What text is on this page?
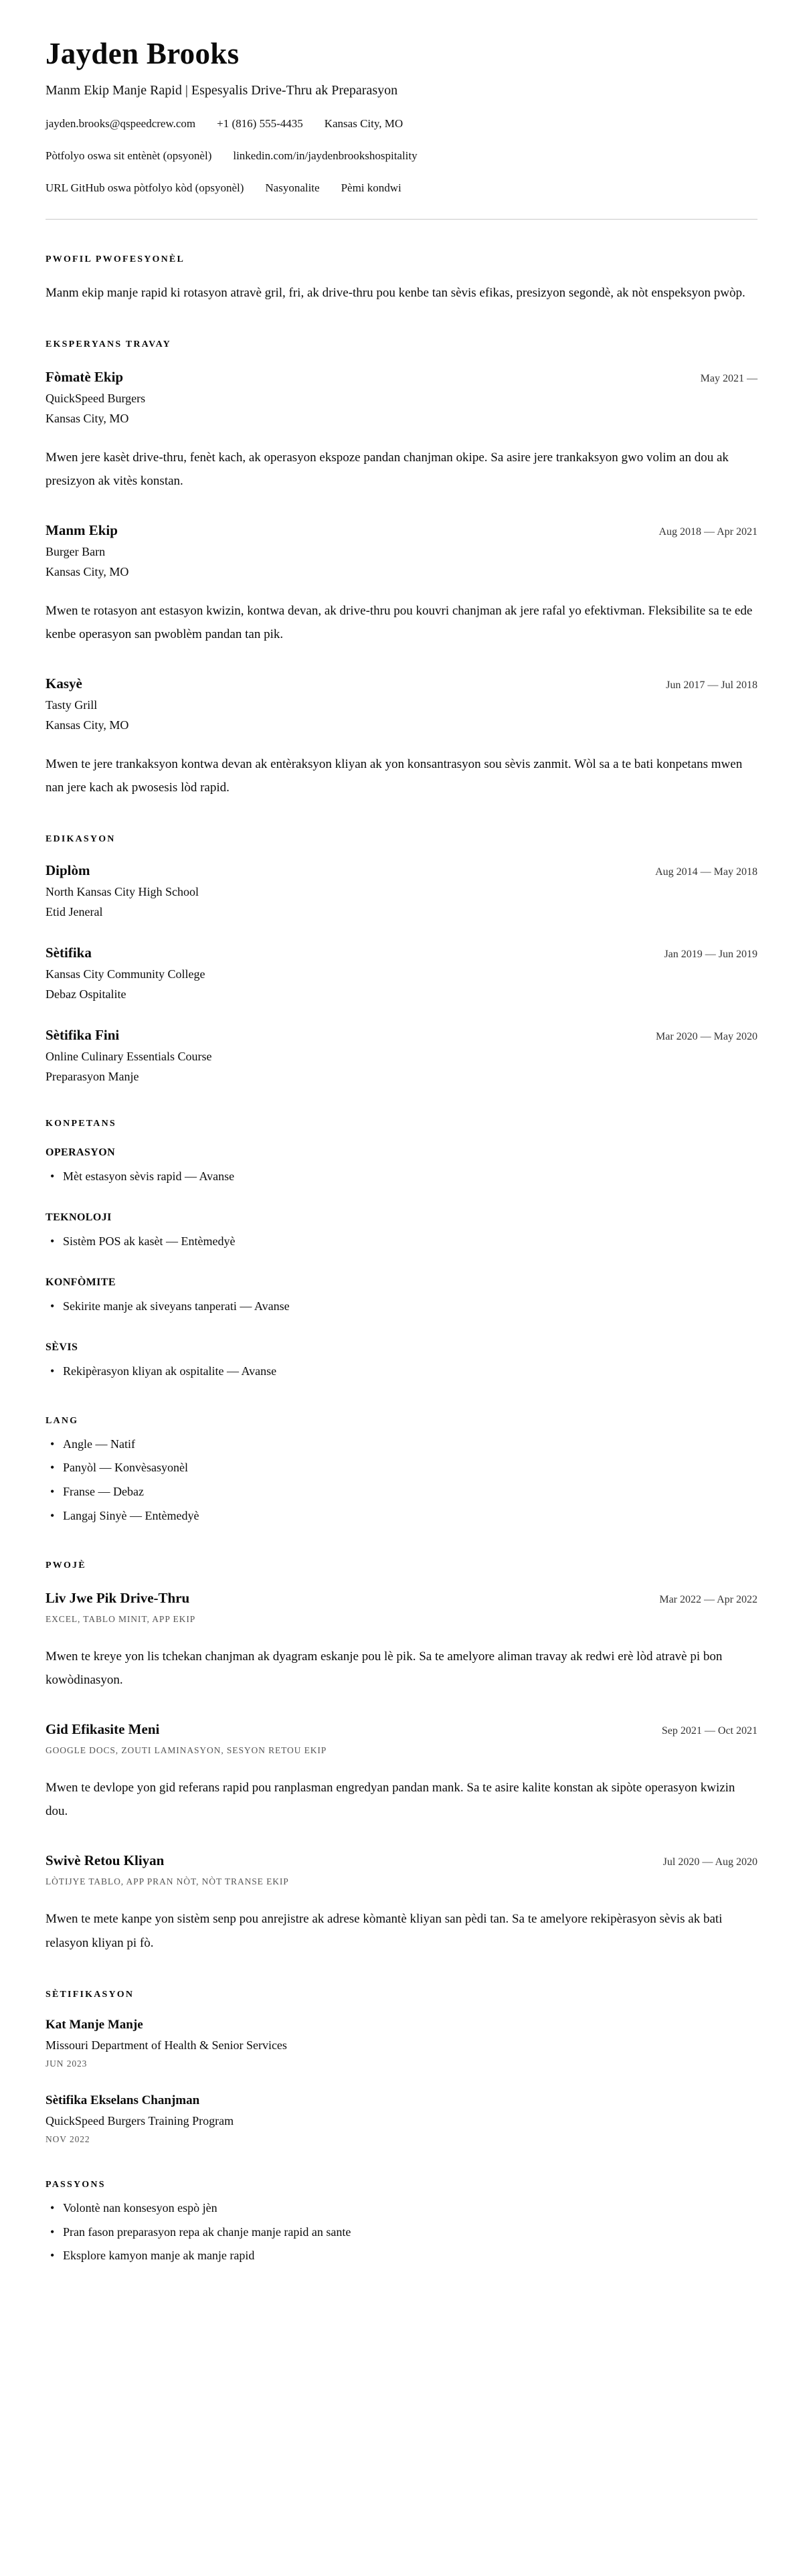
Jayden Brooks
Manm Ekip Manje Rapid | Espesyalis Drive-Thru ak Preparasyon
jayden.brooks@qspeedcrew.com +1 (816) 555-4435 Kansas City, MO
Pòtfolyo oswa sit entènèt (opsyonèl) linkedin.com/in/jaydenbrookshospitality
URL GitHub oswa pòtfolyo kòd (opsyonèl) Nasyonalite Pèmi kondwi
PWOFIL PWOFESYONÈL

Manm ekip manje rapid ki rotasyon atravè gril, fri, ak drive-thru pou kenbe tan sèvis efikas, presizyon segondè, ak nòt enspeksyon pwòp.

EKSPERYANS TRAVAY
Fòmatè Ekip	May 2021 —
QuickSpeed Burgers
Kansas City, MO

Mwen jere kasèt drive-thru, fenèt kach, ak operasyon ekspoze pandan chanjman okipe. Sa asire jere trankaksyon gwo volim an dou ak presizyon ak vitès konstan.

Manm Ekip	Aug 2018 — Apr 2021
Burger Barn
Kansas City, MO

Mwen te rotasyon ant estasyon kwizin, kontwa devan, ak drive-thru pou kouvri chanjman ak jere rafal yo efektivman. Fleksibilite sa te ede kenbe operasyon san pwoblèm pandan tan pik.

Kasyè	Jun 2017 — Jul 2018
Tasty Grill
Kansas City, MO

Mwen te jere trankaksyon kontwa devan ak entèraksyon kliyan ak yon konsantrasyon sou sèvis zanmit. Wòl sa a te bati konpetans mwen nan jere kach ak pwosesis lòd rapid.

EDIKASYON
Diplòm	Aug 2014 — May 2018
North Kansas City High School
Etid Jeneral
Sètifika	Jan 2019 — Jun 2019
Kansas City Community College
Debaz Ospitalite
Sètifika Fini	Mar 2020 — May 2020
Online Culinary Essentials Course
Preparasyon Manje
KONPETANS
OPERASYON
• Mèt estasyon sèvis rapid — Avanse
TEKNOLOJI
• Sistèm POS ak kasèt — Entèmedyè
KONFÒMITE
• Sekirite manje ak siveyans tanperati — Avanse
SÈVIS
• Rekipèrasyon kliyan ak ospitalite — Avanse
LANG
• Angle — Natif
• Panyòl — Konvèsasyonèl
• Franse — Debaz
• Langaj Sinyè — Entèmedyè
PWOJÈ
Liv Jwe Pik Drive-Thru	Mar 2022 — Apr 2022
EXCEL, TABLO MINIT, APP EKIP

Mwen te kreye yon lis tchekan chanjman ak dyagram eskanje pou lè pik. Sa te amelyore aliman travay ak redwi erè lòd atravè pi bon kowòdinasyon.

Gid Efikasite Meni	Sep 2021 — Oct 2021
GOOGLE DOCS, ZOUTI LAMINASYON, SESYON RETOU EKIP

Mwen te devlope yon gid referans rapid pou ranplasman engredyan pandan mank. Sa te asire kalite konstan ak sipòte operasyon kwizin dou.

Swivè Retou Kliyan	Jul 2020 — Aug 2020
LÒTIJYE TABLO, APP PRAN NÒT, NÒT TRANSE EKIP

Mwen te mete kanpe yon sistèm senp pou anrejistre ak adrese kòmantè kliyan san pèdi tan. Sa te amelyore rekipèrasyon sèvis ak bati relasyon kliyan pi fò.

SÈTIFIKASYON
Kat Manje Manje
Missouri Department of Health & Senior Services
JUN 2023
Sètifika Ekselans Chanjman
QuickSpeed Burgers Training Program
NOV 2022
PASSYONS
• Volontè nan konsesyon espò jèn
• Pran fason preparasyon repa ak chanje manje rapid an sante
• Eksplore kamyon manje ak manje rapid
